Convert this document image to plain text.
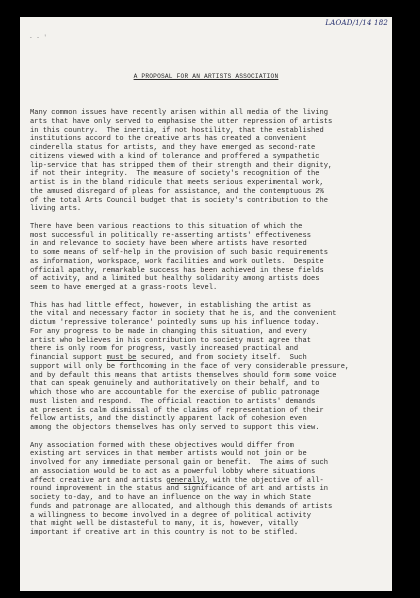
LAOAD/1/14 182
- - '
A PROPOSAL FOR AN ARTISTS ASSOCIATION
Many common issues have recently arisen within all media of the living
arts that have only served to emphasise the utter repression of artists
in this country.  The inertia, if not hostility, that the established
institutions accord to the creative arts has created a convenient
cinderella status for artists, and they have emerged as second-rate
citizens viewed with a kind of tolerance and proffered a sympathetic
lip-service that has stripped them of their strength and their dignity,
if not their integrity.  The measure of society's recognition of the
artist is in the bland ridicule that meets serious experimental work,
the amused disregard of pleas for assistance, and the contemptuous 2%
of the total Arts Council budget that is society's contribution to the
living arts.
There have been various reactions to this situation of which the
most successful in politically re-asserting artists' effectiveness
in and relevance to society have been where artists have resorted
to some means of self-help in the provision of such basic requirements
as information, workspace, work facilities and work outlets.  Despite
official apathy, remarkable success has been achieved in these fields
of activity, and a limited but healthy solidarity among artists does
seem to have emerged at a grass-roots level.
This has had little effect, however, in establishing the artist as
the vital and necessary factor in society that he is, and the convenient
dictum 'repressive tolerance' pointedly sums up his influence today.
For any progress to be made in changing this situation, and every
artist who believes in his contribution to society must agree that
there is only room for progress, vastly increased practical and
financial support must be secured, and from society itself.  Such
support will only be forthcoming in the face of very considerable pressure,
and by default this means that artists themselves should form some voice
that can speak genuinely and authoritatively on their behalf, and to
which those who are accountable for the exercise of public patronage
must listen and respond.  The official reaction to artists' demands
at present is calm dismissal of the claims of representation of their
fellow artists, and the distinctly apparent lack of cohesion even
among the objectors themselves has only served to support this view.
Any association formed with these objectives would differ from
existing art services in that member artists would not join or be
involved for any immediate personal gain or benefit.  The aims of such
an association would be to act as a powerful lobby where situations
affect creative art and artists generally, with the objective of all-
round improvement in the status and significance of art and artists in
society to-day, and to have an influence on the way in which State
funds and patronage are allocated, and although this demands of artists
a willingness to become involved in a degree of political activity
that might well be distasteful to many, it is, however, vitally
important if creative art in this country is not to be stifled.
